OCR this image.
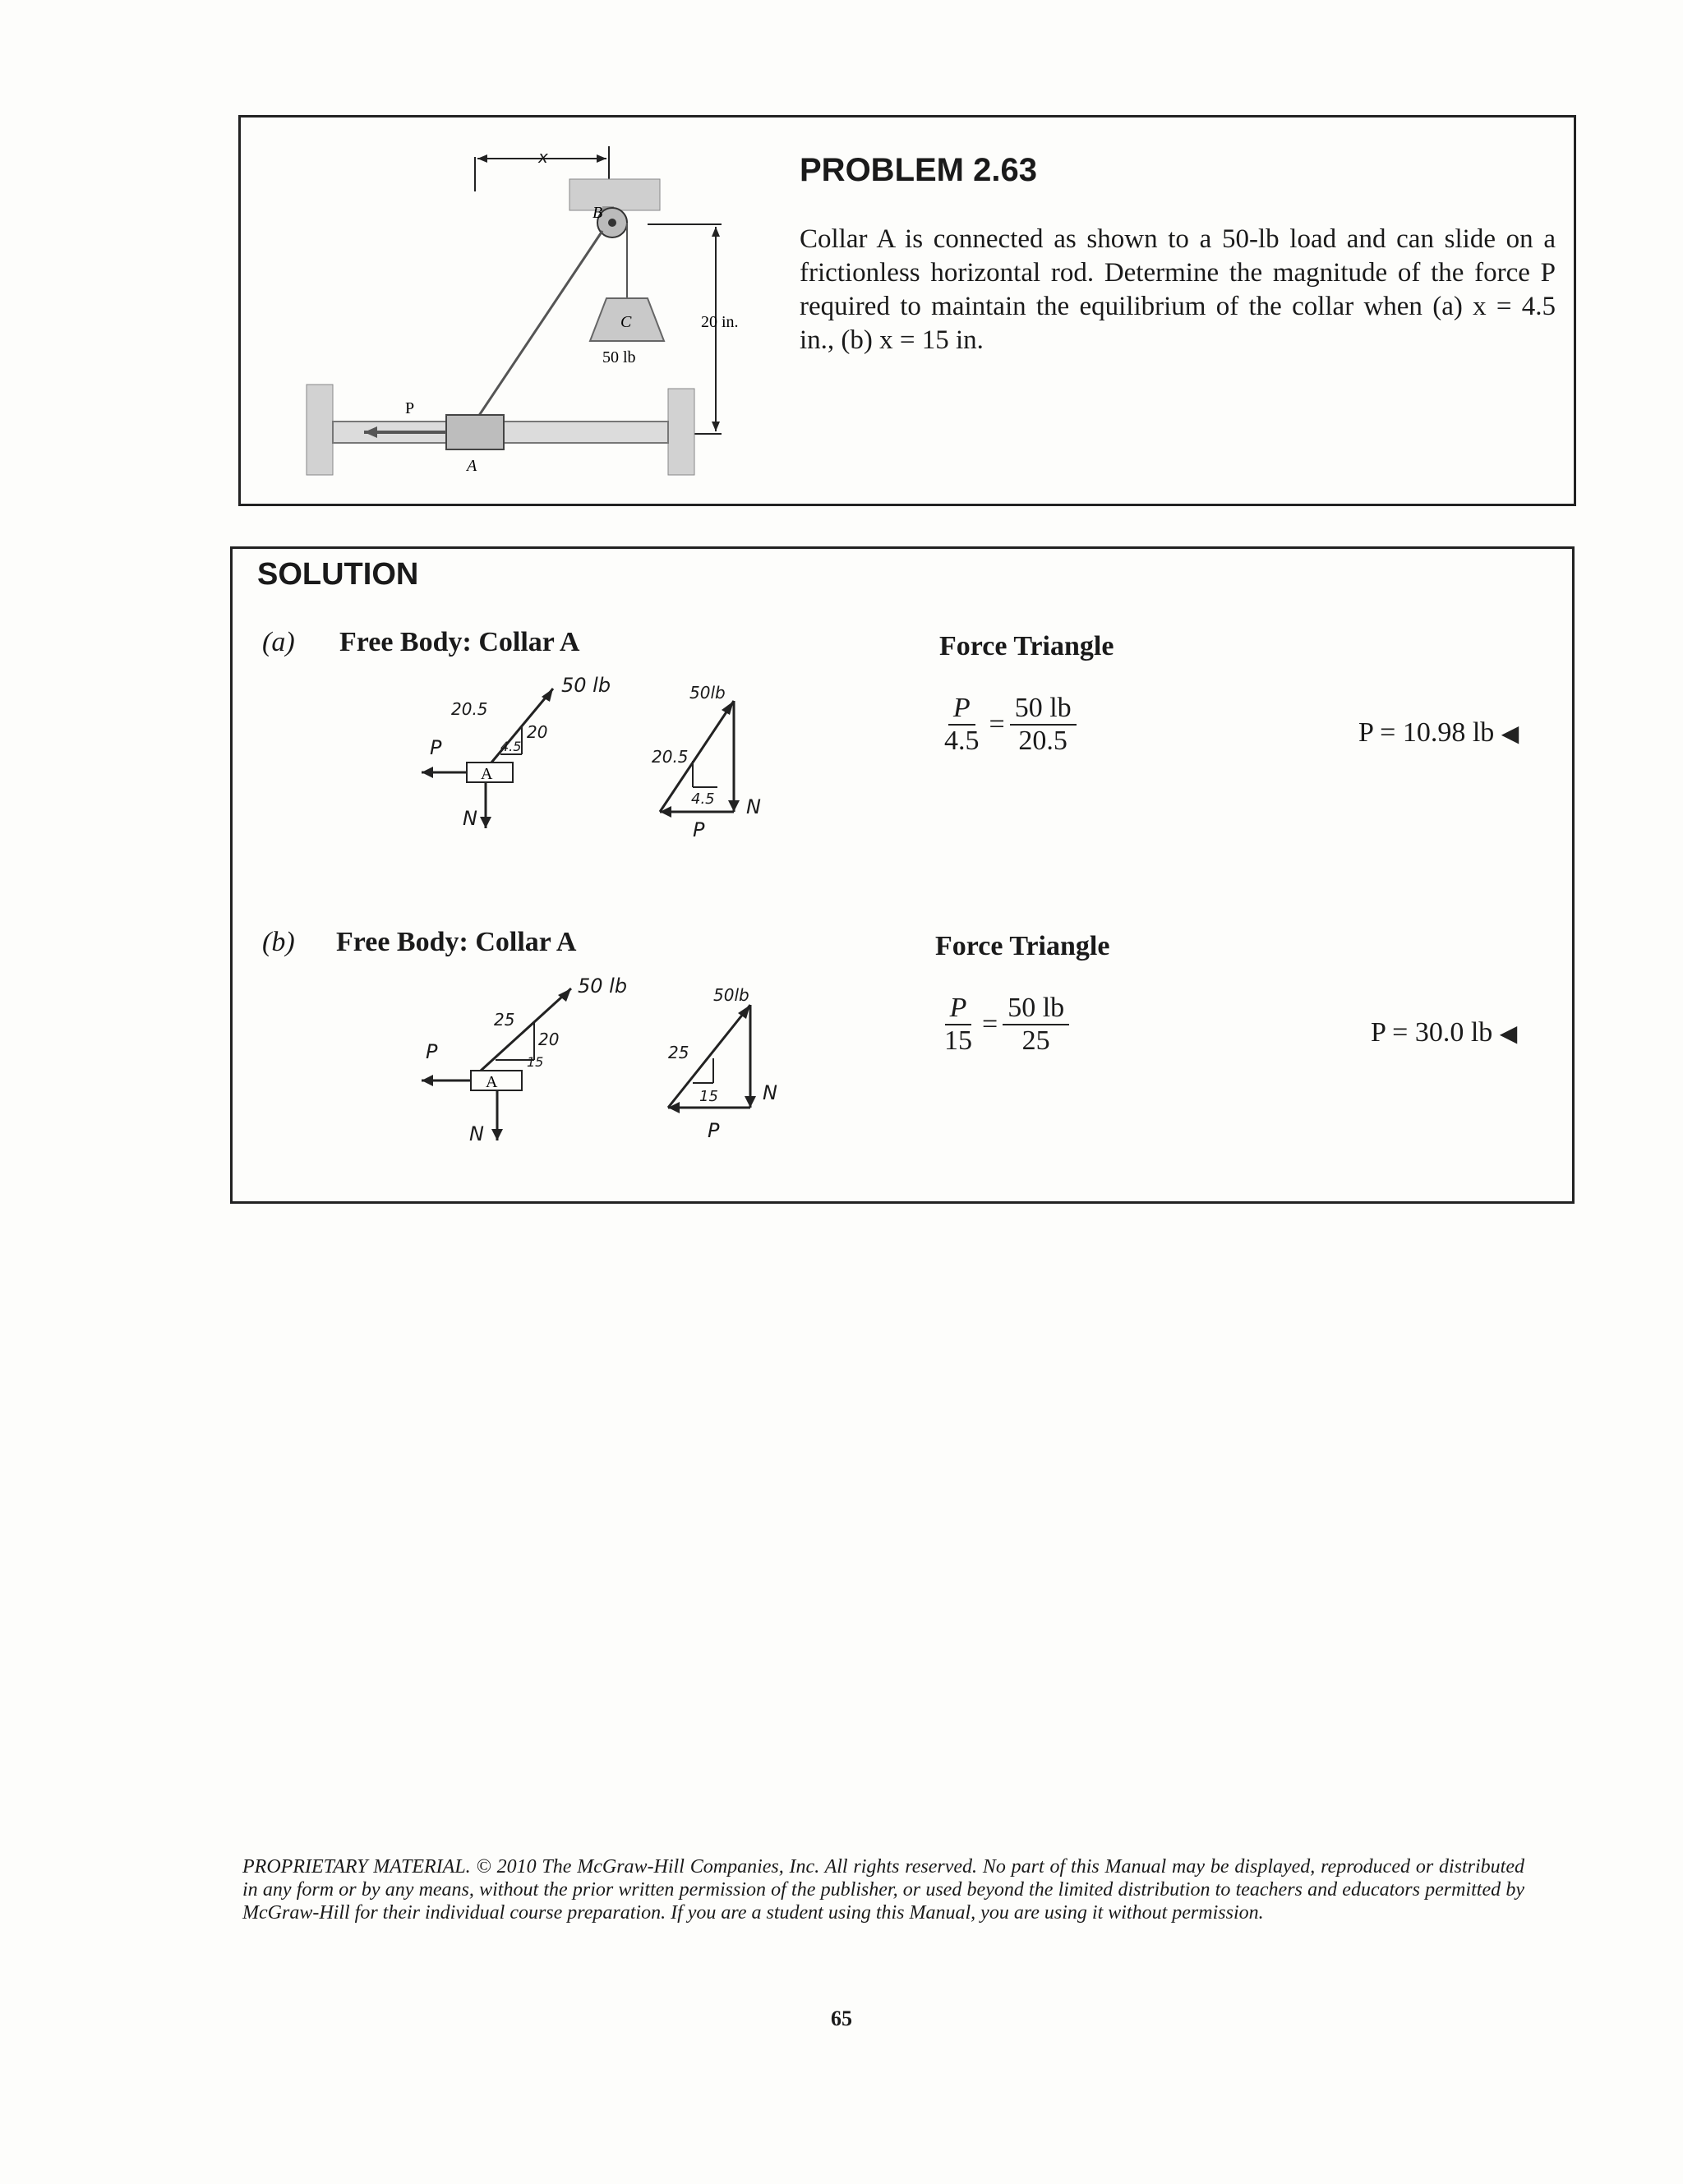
x
B
C
50 lb
20 in.
P
A
PROBLEM 2.63
Collar A is connected as shown to a 50-lb load and can slide on a frictionless horizontal rod. Determine the magnitude of the force P required to maintain the equilibrium of the collar when (a) x = 4.5 in., (b) x = 15 in.
SOLUTION
(a) Free Body: Collar A	Force Triangle
A
50 lb
20.5
20
4.5
P
N
50lb
20.5
4.5
P
N
$\frac{P}{4.5} = \frac{50 lb}{20.5}$	P = 10.98 lb ◀
(b) Free Body: Collar A	Force Triangle
A
50 lb
25
20
15
P
N
50lb
25
15
P
N
$\frac{P}{15} = \frac{50 lb}{25}$	P = 30.0 lb ◀
PROPRIETARY MATERIAL. © 2010 The McGraw-Hill Companies, Inc. All rights reserved. No part of this Manual may be displayed, reproduced or distributed in any form or by any means, without the prior written permission of the publisher, or used beyond the limited distribution to teachers and educators permitted by McGraw-Hill for their individual course preparation. If you are a student using this Manual, you are using it without permission.
65
